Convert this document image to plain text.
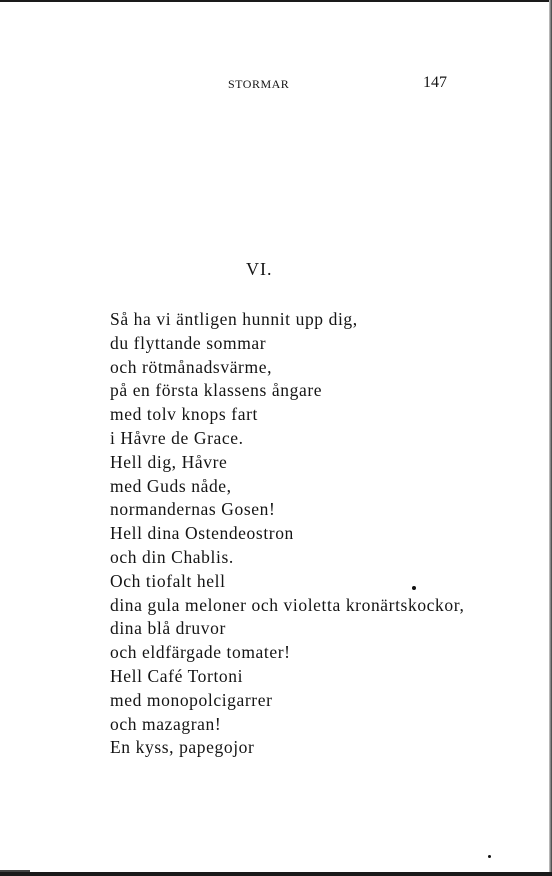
STORMAR	147
VI.
Så ha vi äntligen hunnit upp dig,
du flyttande sommar
och rötmånadsvärme,
på en första klassens ångare
med tolv knops fart
i Håvre de Grace.
Hell dig, Håvre
med Guds nåde,
normandernas Gosen!
Hell dina Ostendeostron
och din Chablis.
Och tiofalt hell
dina gula meloner och violetta kronärtskockor,
dina blå druvor
och eldfärgade tomater!
Hell Café Tortoni
med monopolcigarrer
och mazagran!
En kyss, papegojor
